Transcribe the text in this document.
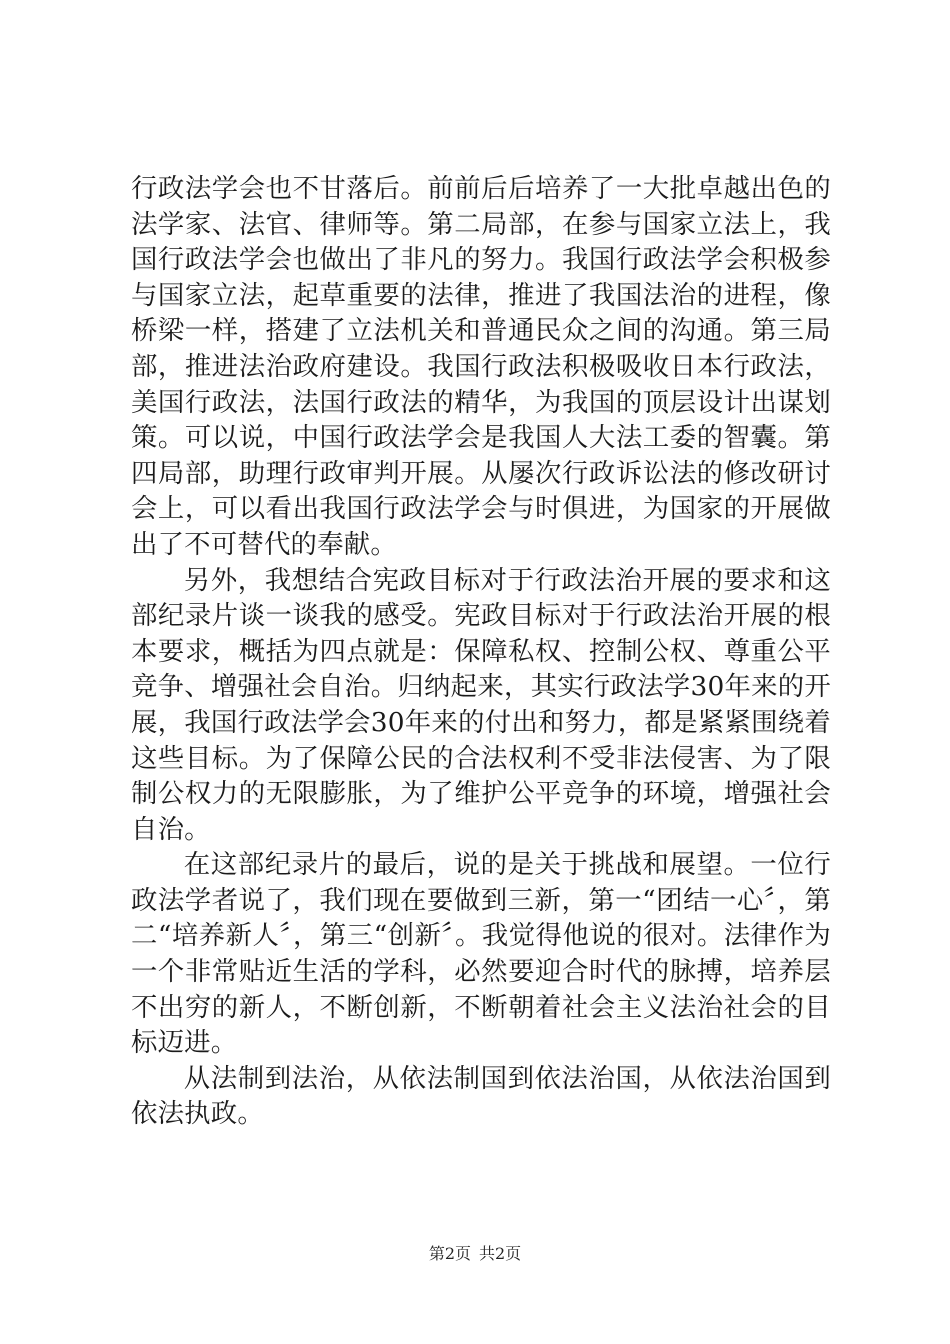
行政法学会也不甘落后。前前后后培养了一大批卓越出色的法学家、法官、律师等。第二局部，在参与国家立法上，我国行政法学会也做出了非凡的努力。我国行政法学会积极参与国家立法，起草重要的法律，推进了我国法治的进程，像桥梁一样，搭建了立法机关和普通民众之间的沟通。第三局部，推进法治政府建设。我国行政法积极吸收日本行政法，美国行政法，法国行政法的精华，为我国的顶层设计出谋划策。可以说，中国行政法学会是我国人大法工委的智囊。第四局部，助理行政审判开展。从屡次行政诉讼法的修改研讨会上，可以看出我国行政法学会与时俱进，为国家的开展做出了不可替代的奉献。

另外，我想结合宪政目标对于行政法治开展的要求和这部纪录片谈一谈我的感受。宪政目标对于行政法治开展的根本要求，概括为四点就是：保障私权、控制公权、尊重公平竞争、增强社会自治。归纳起来，其实行政法学30年来的开展，我国行政法学会30年来的付出和努力，都是紧紧围绕着这些目标。为了保障公民的合法权利不受非法侵害、为了限制公权力的无限膨胀，为了维护公平竞争的环境，增强社会自治。

在这部纪录片的最后，说的是关于挑战和展望。一位行政法学者说了，我们现在要做到三新，第一“团结一心〞，第二“培养新人〞，第三“创新〞。我觉得他说的很对。法律作为一个非常贴近生活的学科，必然要迎合时代的脉搏，培养层不出穷的新人，不断创新，不断朝着社会主义法治社会的目标迈进。

从法制到法治，从依法制国到依法治国，从依法治国到依法执政。

第2页 共2页
